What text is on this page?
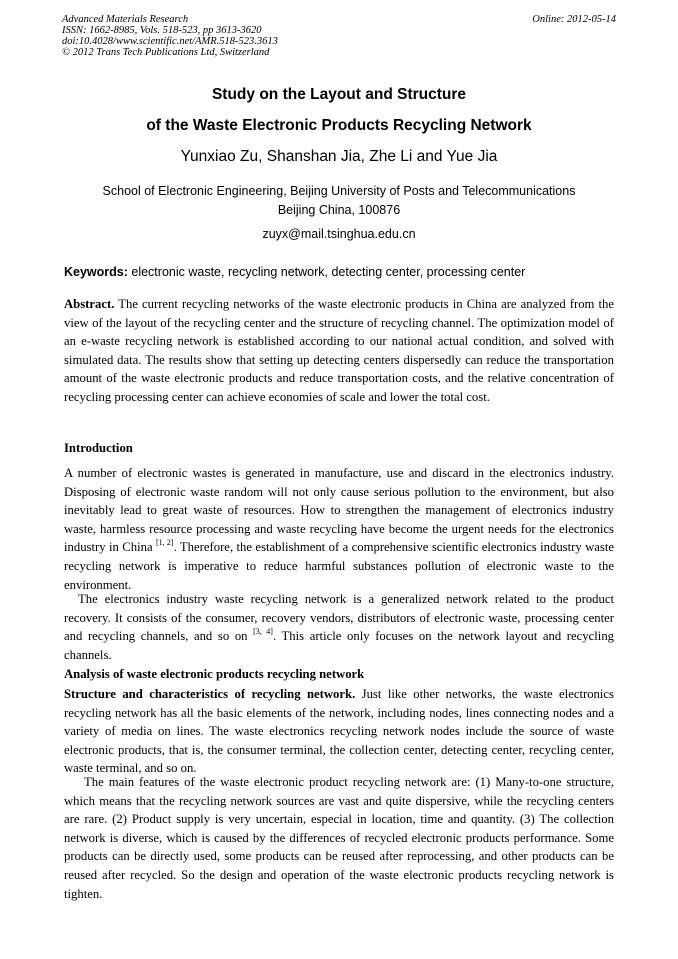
Advanced Materials Research
ISSN: 1662-8985, Vols. 518-523, pp 3613-3620
doi:10.4028/www.scientific.net/AMR.518-523.3613
© 2012 Trans Tech Publications Ltd, Switzerland
Online: 2012-05-14
Study on the Layout and Structure
of the Waste Electronic Products Recycling Network
Yunxiao Zu, Shanshan Jia, Zhe Li and Yue Jia
School of Electronic Engineering, Beijing University of Posts and Telecommunications
Beijing China, 100876
zuyx@mail.tsinghua.edu.cn
Keywords: electronic waste, recycling network, detecting center, processing center
Abstract. The current recycling networks of the waste electronic products in China are analyzed from the view of the layout of the recycling center and the structure of recycling channel. The optimization model of an e-waste recycling network is established according to our national actual condition, and solved with simulated data. The results show that setting up detecting centers dispersedly can reduce the transportation amount of the waste electronic products and reduce transportation costs, and the relative concentration of recycling processing center can achieve economies of scale and lower the total cost.
Introduction
A number of electronic wastes is generated in manufacture, use and discard in the electronics industry. Disposing of electronic waste random will not only cause serious pollution to the environment, but also inevitably lead to great waste of resources. How to strengthen the management of electronics industry waste, harmless resource processing and waste recycling have become the urgent needs for the electronics industry in China [1, 2]. Therefore, the establishment of a comprehensive scientific electronics industry waste recycling network is imperative to reduce harmful substances pollution of electronic waste to the environment.
The electronics industry waste recycling network is a generalized network related to the product recovery. It consists of the consumer, recovery vendors, distributors of electronic waste, processing center and recycling channels, and so on [3, 4]. This article only focuses on the network layout and recycling channels.
Analysis of waste electronic products recycling network
Structure and characteristics of recycling network. Just like other networks, the waste electronics recycling network has all the basic elements of the network, including nodes, lines connecting nodes and a variety of media on lines. The waste electronics recycling network nodes include the source of waste electronic products, that is, the consumer terminal, the collection center, detecting center, recycling center, waste terminal, and so on.
The main features of the waste electronic product recycling network are: (1) Many-to-one structure, which means that the recycling network sources are vast and quite dispersive, while the recycling centers are rare. (2) Product supply is very uncertain, especial in location, time and quantity. (3) The collection network is diverse, which is caused by the differences of recycled electronic products performance. Some products can be directly used, some products can be reused after reprocessing, and other products can be reused after recycled. So the design and operation of the waste electronic products recycling network is tighten.
